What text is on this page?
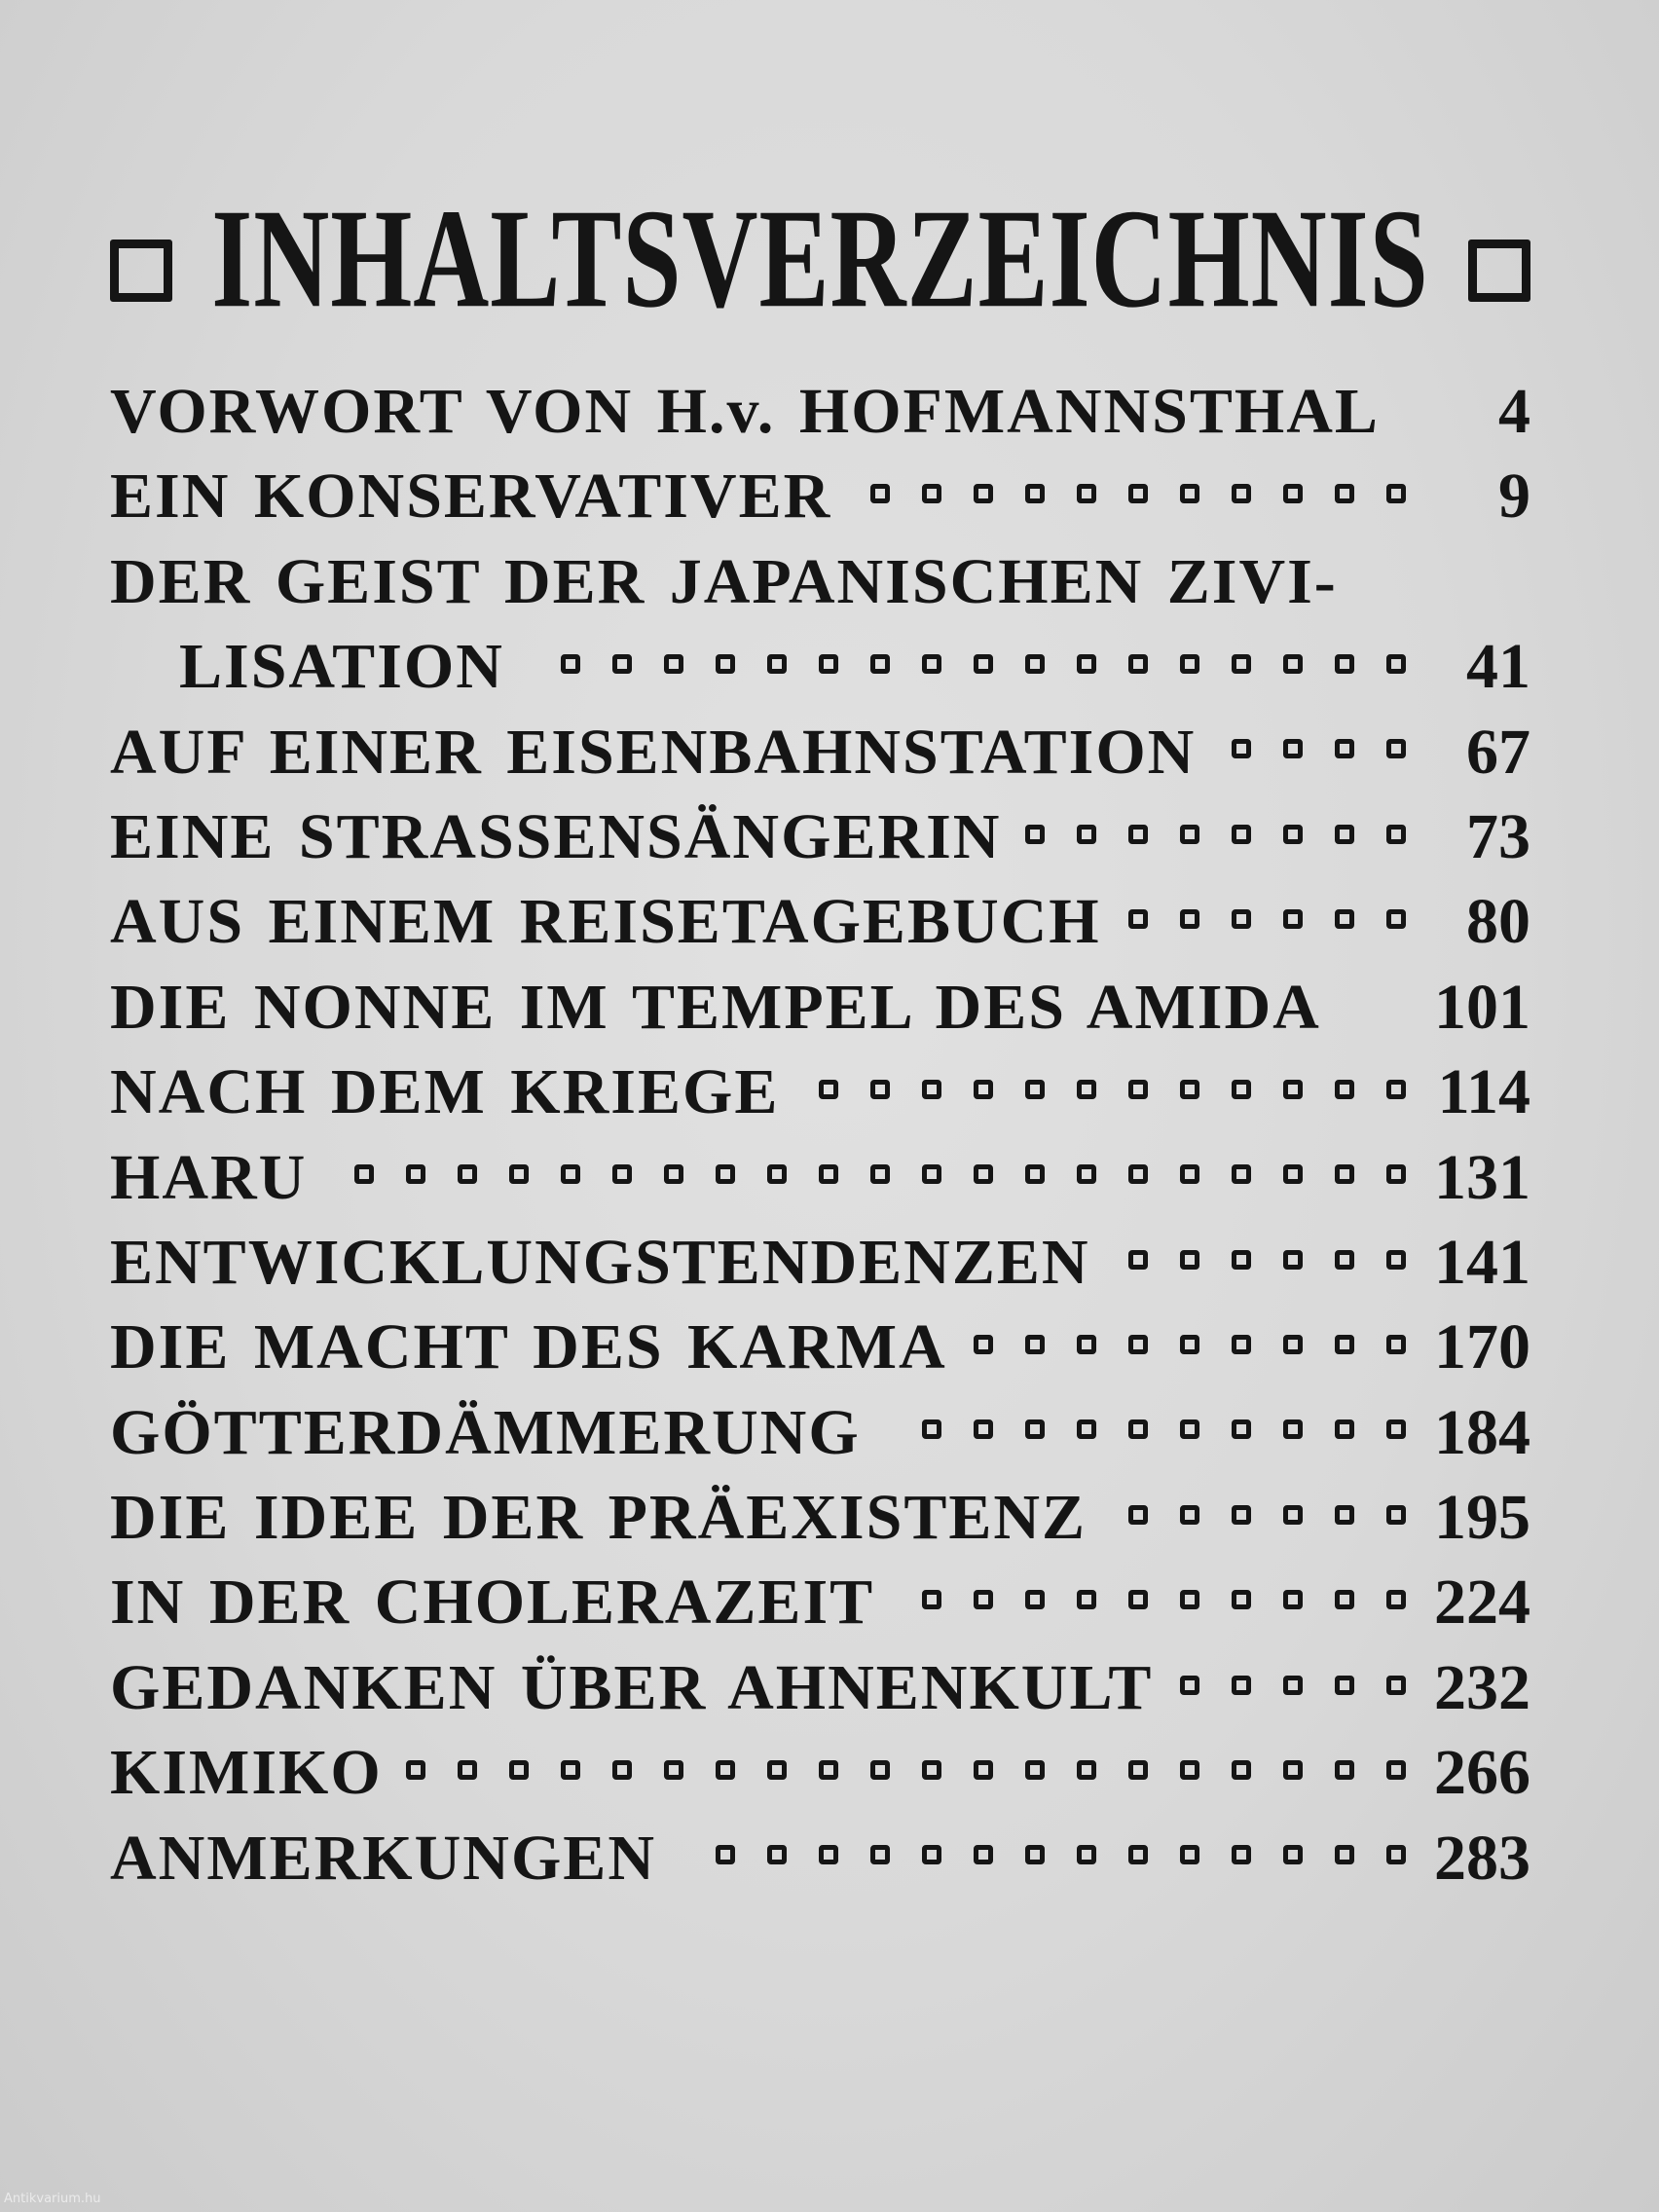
INHALTSVERZEICHNIS
VORWORT VON H.v. HOFMANNSTHAL	4
EIN KONSERVATIVER	9
DER GEIST DER JAPANISCHEN ZIVI-
LISATION	41
AUF EINER EISENBAHNSTATION	67
EINE STRASSENSÄNGERIN	73
AUS EINEM REISETAGEBUCH	80
DIE NONNE IM TEMPEL DES AMIDA 101
NACH DEM KRIEGE	114
HARU	131
ENTWICKLUNGSTENDENZEN	141
DIE MACHT DES KARMA	170
GÖTTERDÄMMERUNG	184
DIE IDEE DER PRÄEXISTENZ	195
IN DER CHOLERAZEIT	224
GEDANKEN ÜBER AHNENKULT	232
KIMIKO	266
ANMERKUNGEN	283
Antikvarium.hu
